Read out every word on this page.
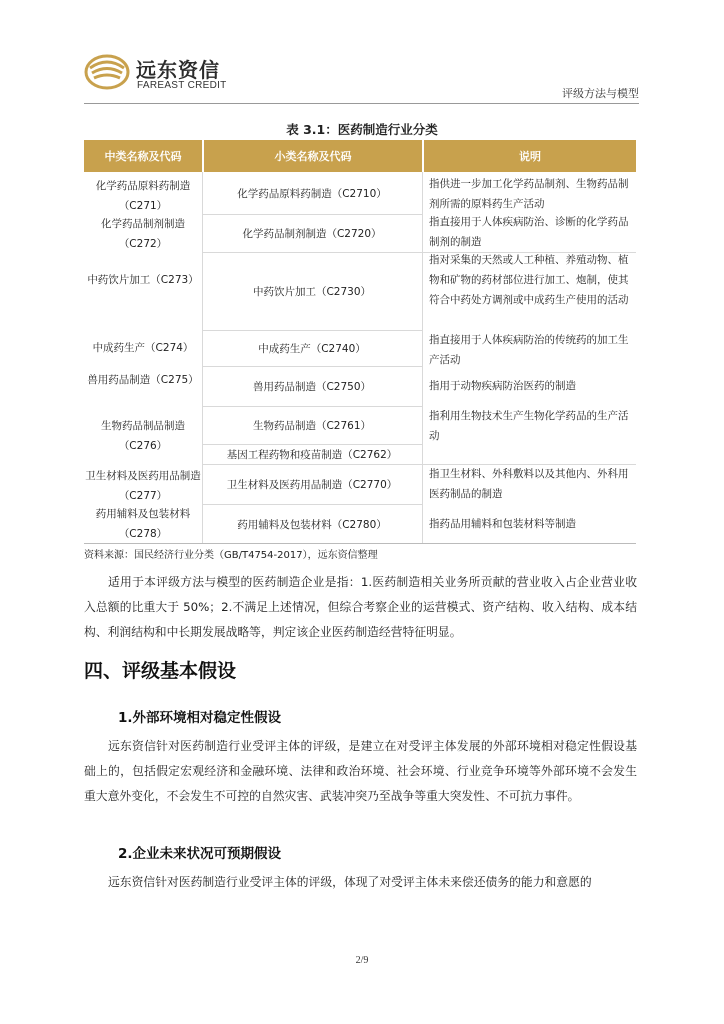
远东资信
FAREAST CREDIT
评级方法与模型
表 3.1：医药制造行业分类
中类名称及代码	小类名称及代码	说明
化学药品原料药制造（C271）
化学药品制剂制造（C272）
中药饮片加工（C273）
中成药生产（C274）
兽用药品制造（C275）
生物药品制品制造（C276）
卫生材料及医药用品制造（C277）
药用辅料及包装材料（C278）
化学药品原料药制造（C2710）
化学药品制剂制造（C2720）
中药饮片加工（C2730）
中成药生产（C2740）
兽用药品制造（C2750）
生物药品制造（C2761）
基因工程药物和疫苗制造（C2762）
卫生材料及医药用品制造（C2770）
药用辅料及包装材料（C2780）
指供进一步加工化学药品制剂、生物药品制剂所需的原料药生产活动
指直接用于人体疾病防治、诊断的化学药品制剂的制造
指对采集的天然或人工种植、养殖动物、植物和矿物的药材部位进行加工、炮制，使其符合中药处方调剂或中成药生产使用的活动
指直接用于人体疾病防治的传统药的加工生产活动
指用于动物疾病防治医药的制造
指利用生物技术生产生物化学药品的生产活动
指卫生材料、外科敷料以及其他内、外科用医药制品的制造
指药品用辅料和包装材料等制造
资料来源：国民经济行业分类（GB/T4754-2017），远东资信整理

适用于本评级方法与模型的医药制造企业是指：1.医药制造相关业务所贡献的营业收入占企业营业收入总额的比重大于 50%；2.不满足上述情况，但综合考察企业的运营模式、资产结构、收入结构、成本结构、利润结构和中长期发展战略等，判定该企业医药制造经营特征明显。

四、评级基本假设
1.外部环境相对稳定性假设

远东资信针对医药制造行业受评主体的评级，是建立在对受评主体发展的外部环境相对稳定性假设基础上的，包括假定宏观经济和金融环境、法律和政治环境、社会环境、行业竞争环境等外部环境不会发生重大意外变化，不会发生不可控的自然灾害、武装冲突乃至战争等重大突发性、不可抗力事件。

2.企业未来状况可预期假设

远东资信针对医药制造行业受评主体的评级，体现了对受评主体未来偿还债务的能力和意愿的

2/9
